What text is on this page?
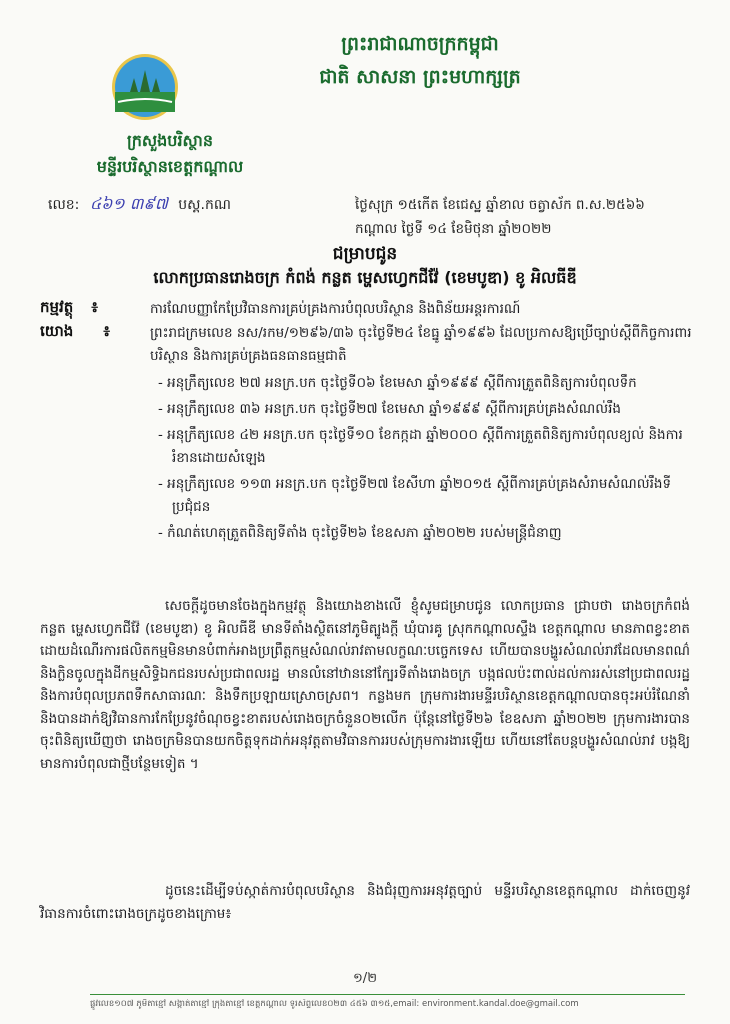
ព្រះរាជាណាចក្រកម្ពុជា
ជាតិ សាសនា ព្រះមហាក្សត្រ
ក្រសួងបរិស្ថាន
មន្ទីរបរិស្ថានខេត្តកណ្ដាល
លេខ: ៤៦១ ៣៩៧ បស្ត.កណ	ថ្ងៃសុក្រ ១៥កើត ខែជេស្ឋ ឆ្នាំខាល ចត្វាស័ក ព.ស.២៥៦៦
កណ្ដាល ថ្ងៃទី ១៤ ខែមិថុនា ឆ្នាំ២០២២
ជម្រាបជូន
លោកប្រធានរោងចក្រ កំពង់ កន្លត ម្ហេសហ្វេកជីវ៉ែ (ខេមបូឌា) ខូ អិលធីឌី
កម្មវត្ថុ ៖	ការណែបញ្ញាកែប្រែវិធានការគ្រប់គ្រងការបំពុលបរិស្ថាន និងពិន័យអន្តរការណ៍
យោង ៖	ព្រះរាជក្រមលេខ នស/រកម/១២៩៦/៣៦ ចុះថ្ងៃទី២៤ ខែធ្នូ ឆ្នាំ១៩៩៦ ដែលប្រកាសឱ្យប្រើច្បាប់ស្ដីពីកិច្ចការពារបរិស្ថាន និងការគ្រប់គ្រងធនធានធម្មជាតិ
- អនុក្រឹត្យលេខ ២៧ អនក្រ.បក ចុះថ្ងៃទី០៦ ខែមេសា ឆ្នាំ១៩៩៩ ស្ដីពីការត្រួតពិនិត្យការបំពុលទឹក
- អនុក្រឹត្យលេខ ៣៦ អនក្រ.បក ចុះថ្ងៃទី២៧ ខែមេសា ឆ្នាំ១៩៩៩ ស្ដីពីការគ្រប់គ្រងសំណល់រឹង
- អនុក្រឹត្យលេខ ៤២ អនក្រ.បក ចុះថ្ងៃទី១០ ខែកក្កដា ឆ្នាំ២០០០ ស្ដីពីការត្រួតពិនិត្យការបំពុលខ្យល់ និងការរំខានដោយសំឡេង
- អនុក្រឹត្យលេខ ១១៣ អនក្រ.បក ចុះថ្ងៃទី២៧ ខែសីហា ឆ្នាំ២០១៥ ស្ដីពីការគ្រប់គ្រងសំរាមសំណល់រឹងទីប្រជុំជន
- កំណត់ហេតុត្រួតពិនិត្យទីតាំង ចុះថ្ងៃទី២៦ ខែឧសភា ឆ្នាំ២០២២ របស់មន្ត្រីជំនាញ
សេចក្ដីដូចមានចែងក្នុងកម្មវត្ថុ និងយោងខាងលើ ខ្ញុំសូមជម្រាបជូន លោកប្រធាន ជ្រាបថា រោងចក្រកំពង់ កន្លត ម្ហេសហ្វេកជីវ៉ែ (ខេមបូឌា) ខូ អិលធីឌី មានទីតាំងស្ថិតនៅភូមិត្បូងក្ដី ឃុំបារគូ ស្រុកកណ្ដាលស្ទឹង ខេត្តកណ្ដាល មានភាពខ្វះខាតដោយដំណើរការផលិតកម្មមិនមានបំពាក់អាងប្រព្រឹត្តកម្មសំណល់រាវតាមលក្ខណៈបច្ចេកទេស ហើយបានបង្ហូរសំណល់រាវដែលមានពណ៌ និងក្លិនចូលក្នុងដីកម្មសិទ្ធិឯកជនរបស់ប្រជាពលរដ្ឋ មានលំនៅឋាននៅក្បែរទីតាំងរោងចក្រ បង្កផលប៉ះពាល់ដល់ការរស់នៅប្រជាពលរដ្ឋ និងការបំពុលប្រភពទឹកសាធារណៈ និងទឹកប្រឡាយស្រោចស្រព។ កន្លងមក ក្រុមការងារមន្ទីរបរិស្ថានខេត្តកណ្ដាលបានចុះអប់រំណែនាំ និងបានដាក់ឱ្យវិធានការកែប្រែនូវចំណុចខ្វះខាតរបស់រោងចក្រចំនួន០២លើក ប៉ុន្តែនៅថ្ងៃទី២៦ ខែឧសភា ឆ្នាំ២០២២ ក្រុមការងារបានចុះពិនិត្យឃើញថា រោងចក្រមិនបានយកចិត្តទុកដាក់អនុវត្តតាមវិធានការរបស់ក្រុមការងារឡើយ ហើយនៅតែបន្តបង្ហូរសំណល់រាវ បង្កឱ្យមានការបំពុលជាថ្មីបន្ថែមទៀត ។
ដូចនេះដើម្បីទប់ស្កាត់ការបំពុលបរិស្ថាន និងជំរុញការអនុវត្តច្បាប់ មន្ទីរបរិស្ថានខេត្តកណ្ដាល ដាក់ចេញនូវវិធានការចំពោះរោងចក្រដូចខាងក្រោម៖
១/២
ផ្លូវលេខ១០៧ ភូមិតាខ្មៅ សង្កាត់តាខ្មៅ ក្រុងតាខ្មៅ ខេត្តកណ្ដាល ទូរស័ព្ទលេខ០២៣ ៤៥៦ ៣១៥,email: environment.kandal.doe@gmail.com
